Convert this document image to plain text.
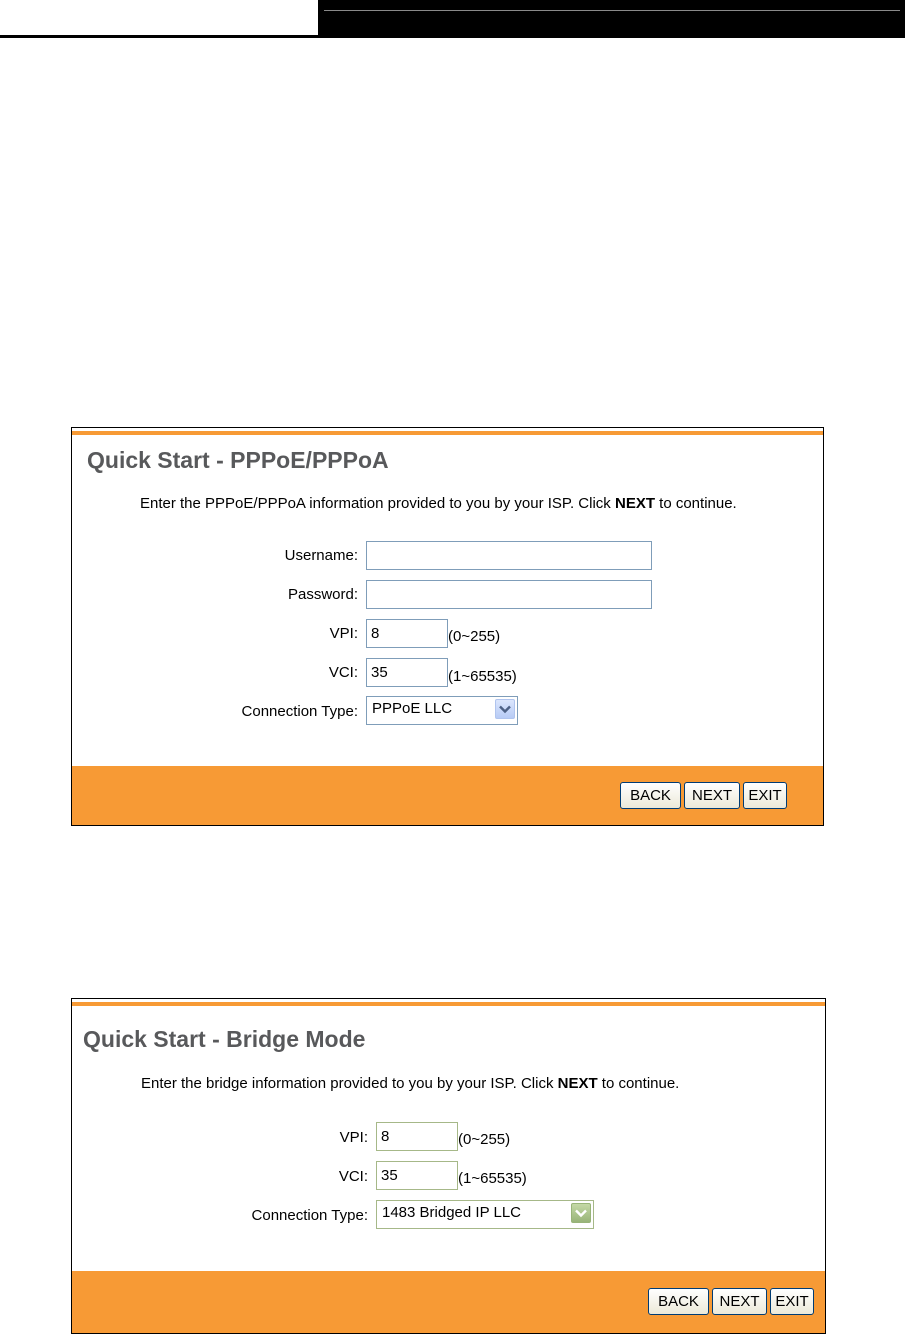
Quick Start - PPPoE/PPPoA
Enter the PPPoE/PPPoA information provided to you by your ISP. Click NEXT to continue.
Username:
Password:
VPI:
8	(0~255)
VCI:
35	(1~65535)
Connection Type: PPPoE LLC
BACK	NEXT	EXIT
Quick Start - Bridge Mode
Enter the bridge information provided to you by your ISP. Click NEXT to continue.
VPI:
8	(0~255)
VCI:
35	(1~65535)
Connection Type: 1483 Bridged IP LLC
BACK	NEXT	EXIT
